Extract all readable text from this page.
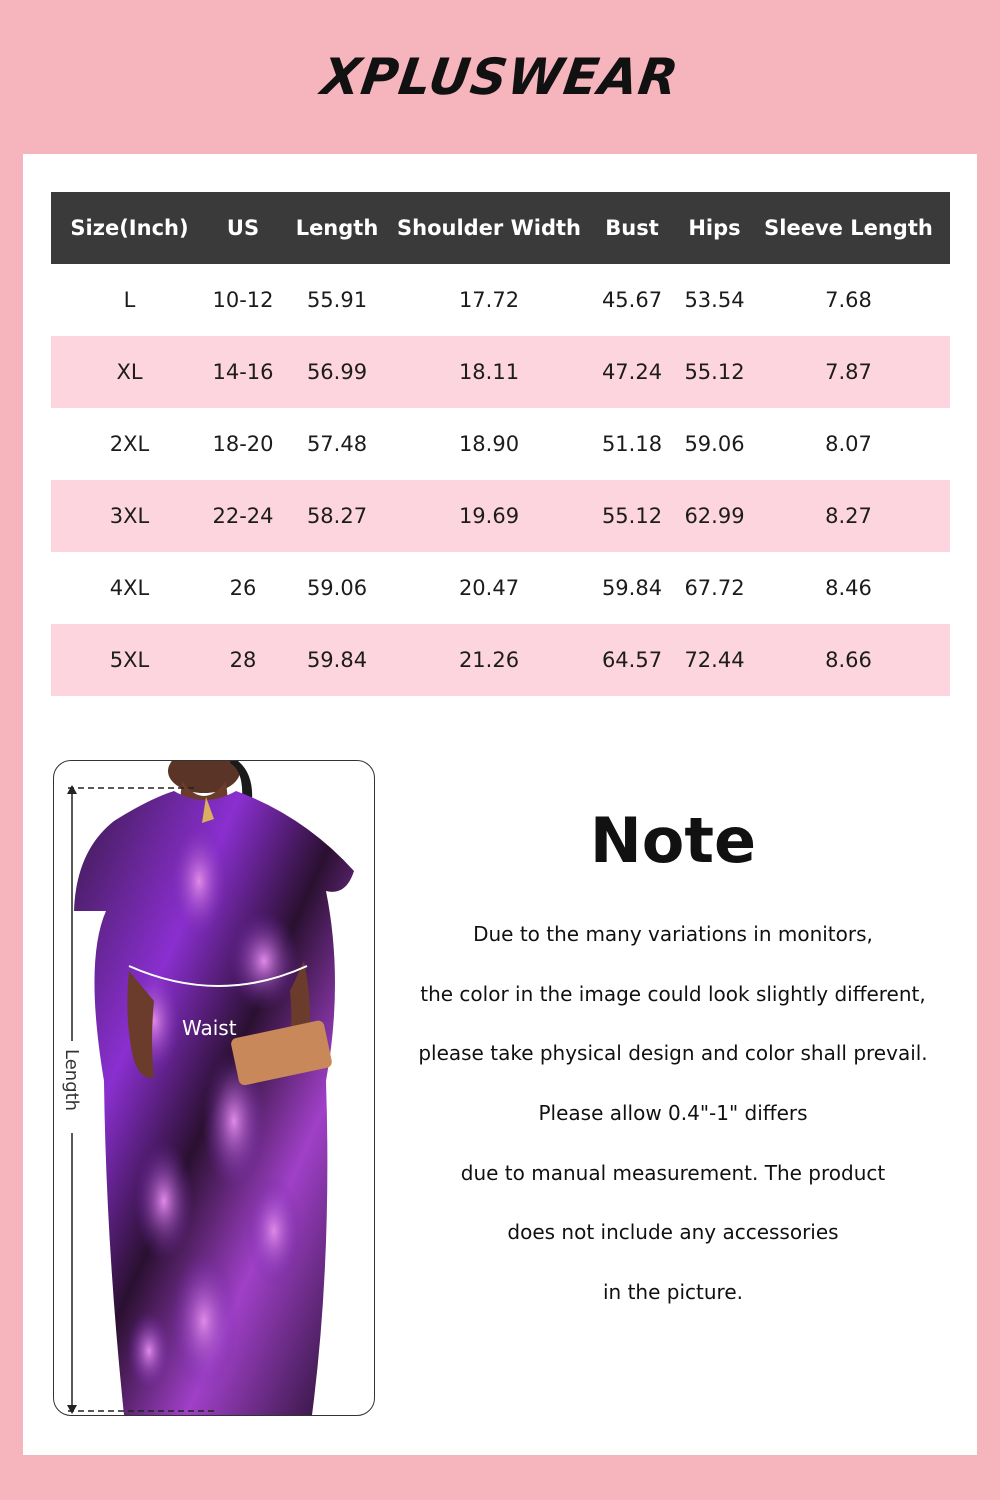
XPLUSWEAR
Size(Inch)	US	Length	Shoulder Width	Bust	Hips	Sleeve Length
L	10-12	55.91	17.72	45.67	53.54	7.68
XL	14-16	56.99	18.11	47.24	55.12	7.87
2XL	18-20	57.48	18.90	51.18	59.06	8.07
3XL	22-24	58.27	19.69	55.12	62.99	8.27
4XL	26	59.06	20.47	59.84	67.72	8.46
5XL	28	59.84	21.26	64.57	72.44	8.66
Waist
Length
Note
Due to the many variations in monitors,
the color in the image could look slightly different,
please take physical design and color shall prevail.
Please allow 0.4"-1" differs
due to manual measurement. The product
does not include any accessories
in the picture.
